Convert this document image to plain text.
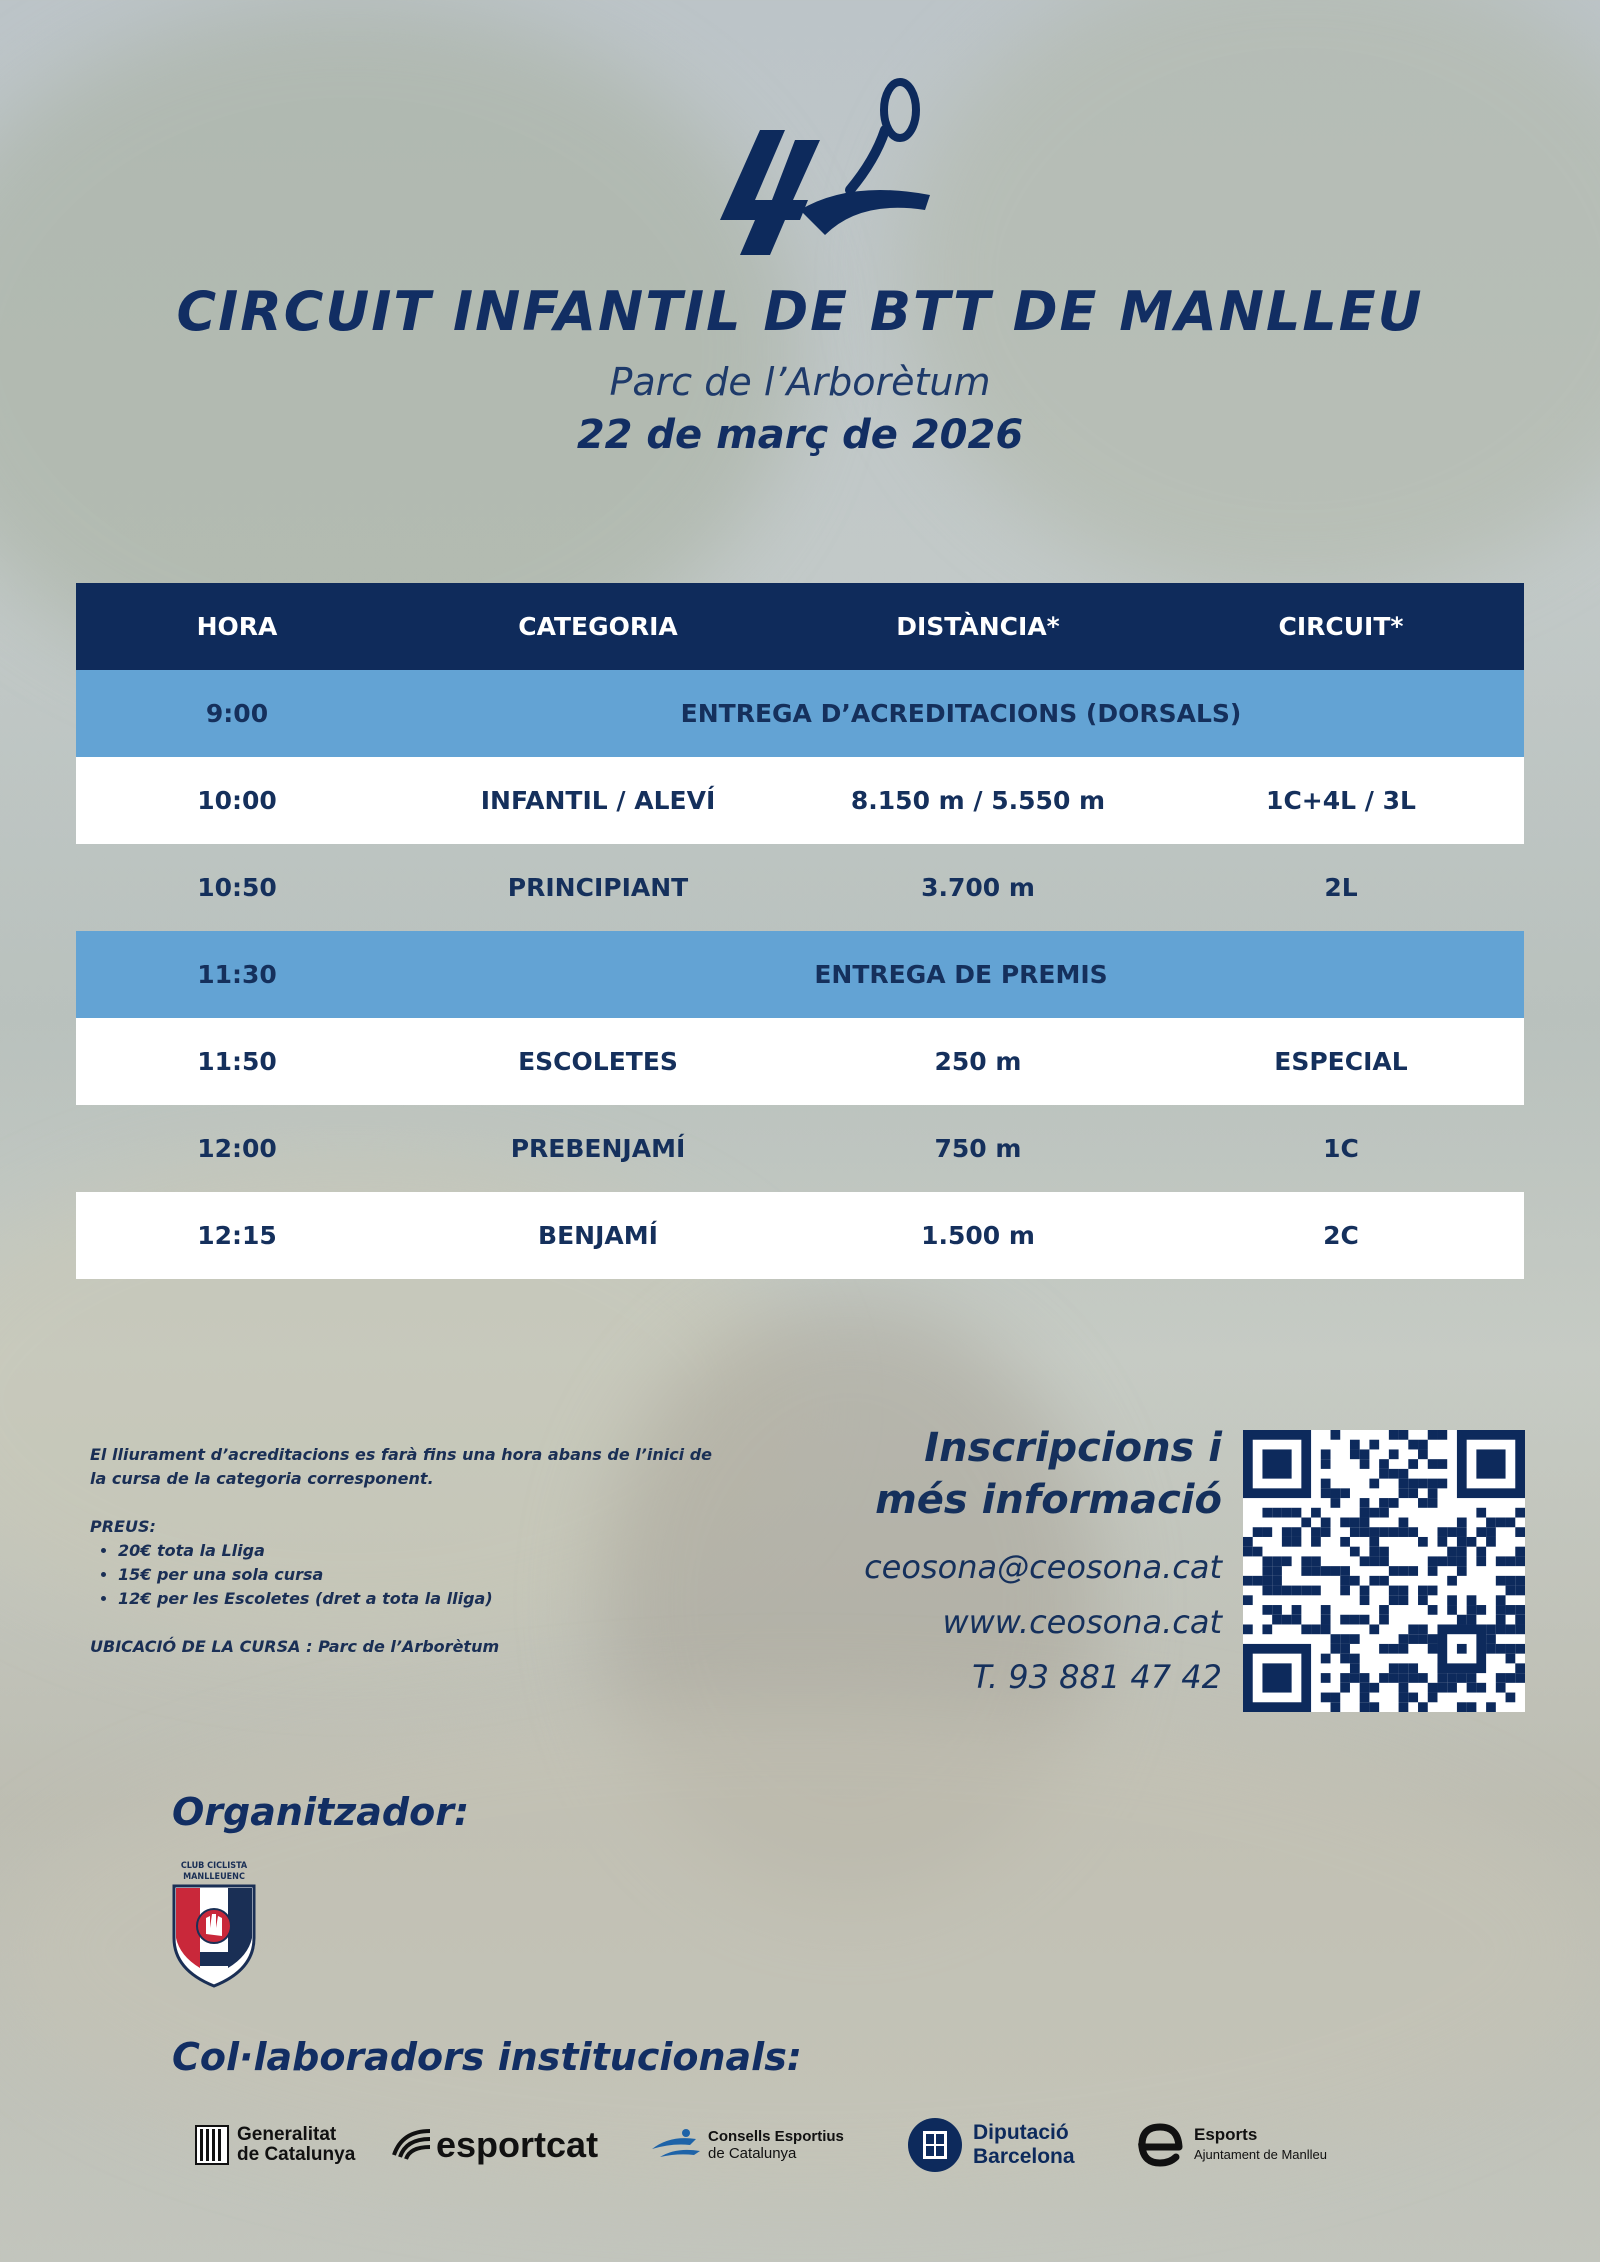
CIRCUIT INFANTIL DE BTT DE MANLLEU
Parc de l’Arborètum
22 de març de 2026
HORA	CATEGORIA	DISTÀNCIA*	CIRCUIT*
9:00	ENTREGA D’ACREDITACIONS (DORSALS)
10:00	INFANTIL / ALEVÍ	8.150 m / 5.550 m	1C+4L / 3L
10:50	PRINCIPIANT	3.700 m	2L
11:30	ENTREGA DE PREMIS
11:50	ESCOLETES	250 m	ESPECIAL
12:00	PREBENJAMÍ	750 m	1C
12:15	BENJAMÍ	1.500 m	2C

El lliurament d’acreditacions es farà fins una hora abans de l’inici de

la cursa de la categoria corresponent.

PREUS:

• 20€ tota la Lliga
• 15€ per una sola cursa
• 12€ per les Escoletes (dret a tota la lliga)

UBICACIÓ DE LA CURSA : Parc de l’Arborètum

Inscripcions i
més informació
ceosona@ceosona.cat
www.ceosona.cat
T. 93 881 47 42
Organitzador:
CLUB CICLISTA
MANLLEUENC
Col·laboradors institucionals:
Generalitat
de Catalunya esportcat	Consells Esportius
de Catalunya
Diputació
Barcelona
Esports
Ajuntament de Manlleu
